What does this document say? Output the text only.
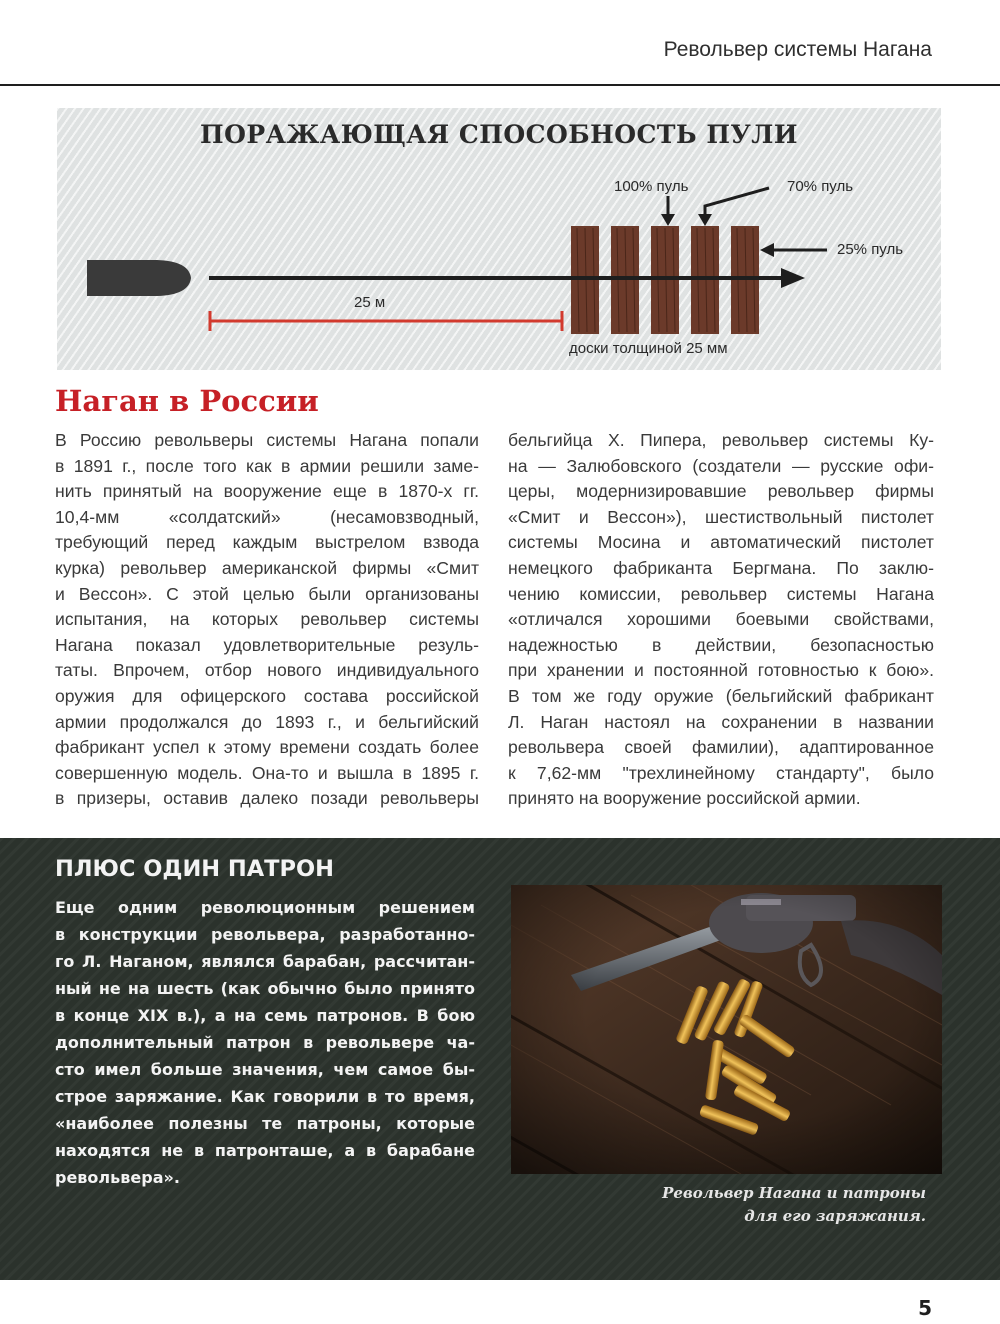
Револьвер системы Нагана
ПОРАЖАЮЩАЯ СПОСОБНОСТЬ ПУЛИ
25 м
100% пуль	70% пуль
25% пуль
доски толщиной 25 мм
Наган в России
В Россию револьверы системы Нагана попали
в 1891 г., после того как в армии решили заме-
нить принятый на вооружение еще в 1870-х гг.
10,4-мм «солдатский» (несамовзводный,
требующий перед каждым выстрелом взвода
курка) револьвер американской фирмы «Смит
и Вессон». С этой целью были организованы
испытания, на которых револьвер системы
Нагана показал удовлетворительные резуль-
таты. Впрочем, отбор нового индивидуального
оружия для офицерского состава российской
армии продолжался до 1893 г., и бельгийский
фабрикант успел к этому времени создать более
совершенную модель. Она-то и вышла в 1895 г.
в призеры, оставив далеко позади револьверы
бельгийца Х. Пипера, револьвер системы Ку-
на — Залюбовского (создатели — русские офи-
церы, модернизировавшие револьвер фирмы
«Смит и Вессон»), шестиствольный пистолет
системы Мосина и автоматический пистолет
немецкого фабриканта Бергмана. По заклю-
чению комиссии, револьвер системы Нагана
«отличался хорошими боевыми свойствами,
надежностью в действии, безопасностью
при хранении и постоянной готовностью к бою».
В том же году оружие (бельгийский фабрикант
Л. Наган настоял на сохранении в названии
револьвера своей фамилии), адаптированное
к 7,62-мм "трехлинейному стандарту", было
принято на вооружение российской армии.
ПЛЮС ОДИН ПАТРОН
Еще одним революционным решением
в конструкции револьвера, разработанно-
го Л. Наганом, являлся барабан, рассчитан-
ный не на шесть (как обычно было принято
в конце XIX в.), а на семь патронов. В бою
дополнительный патрон в револьвере ча-
сто имел больше значения, чем самое бы-
строе заряжание. Как говорили в то время,
«наиболее полезны те патроны, которые
находятся не в патронташе, а в барабане
револьвера».
Револьвер Нагана и патроны
для его заряжания.
5
